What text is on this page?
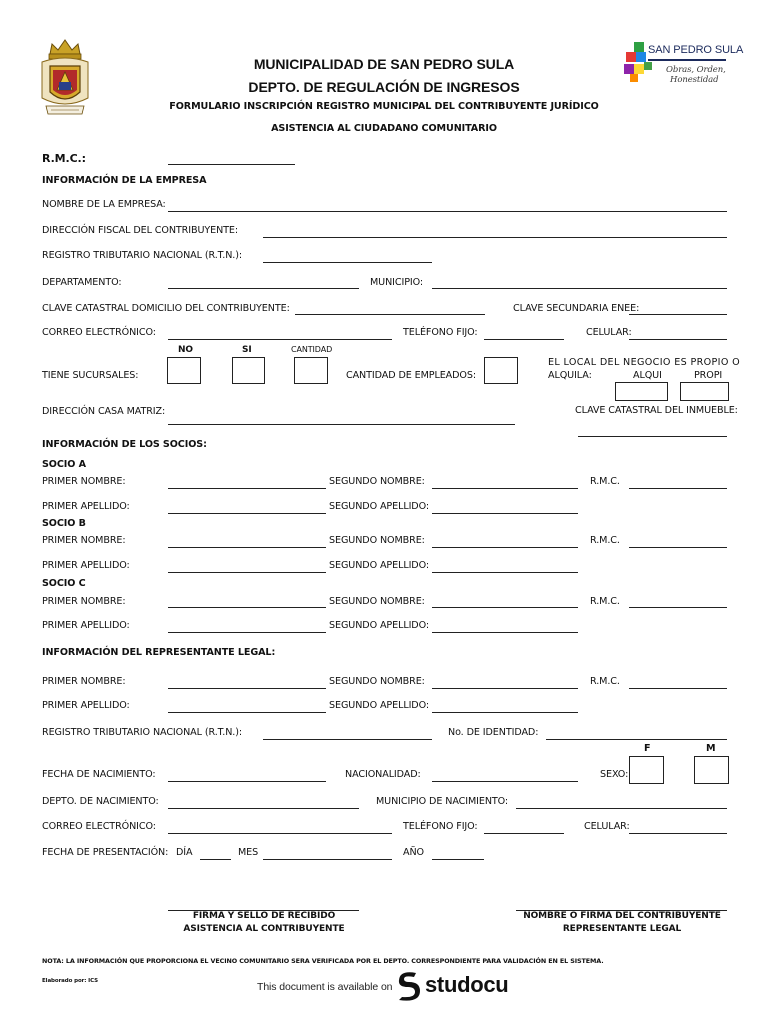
MUNICIPALIDAD DE SAN PEDRO SULA
DEPTO. DE REGULACIÓN DE INGRESOS
FORMULARIO INSCRIPCIÓN REGISTRO MUNICIPAL DEL CONTRIBUYENTE JURÍDICO
ASISTENCIA AL CIUDADANO COMUNITARIO
SAN PEDRO SULA
Obras, Orden,
Honestidad
R.M.C.:
INFORMACIÓN DE LA EMPRESA
NOMBRE DE LA EMPRESA:
DIRECCIÓN FISCAL DEL CONTRIBUYENTE:
REGISTRO TRIBUTARIO NACIONAL (R.T.N.):
DEPARTAMENTO:	MUNICIPIO:
CLAVE CATASTRAL DOMICILIO DEL CONTRIBUYENTE:	CLAVE SECUNDARIA ENEE:
CORREO ELECTRÓNICO:	TELÉFONO FIJO:	CELULAR:
NO	SI	CANTIDAD
TIENE SUCURSALES:	CANTIDAD DE EMPLEADOS:
EL LOCAL DEL NEGOCIO ES PROPIO O
ALQUILA:	ALQUI	PROPI
DIRECCIÓN CASA MATRIZ:	CLAVE CATASTRAL DEL INMUEBLE:
INFORMACIÓN DE LOS SOCIOS:
SOCIO A
PRIMER NOMBRE:	SEGUNDO NOMBRE:	R.M.C.
PRIMER APELLIDO:	SEGUNDO APELLIDO:
SOCIO B
PRIMER NOMBRE:	SEGUNDO NOMBRE:	R.M.C.
PRIMER APELLIDO:	SEGUNDO APELLIDO:
SOCIO C
PRIMER NOMBRE:	SEGUNDO NOMBRE:	R.M.C.
PRIMER APELLIDO:	SEGUNDO APELLIDO:
INFORMACIÓN DEL REPRESENTANTE LEGAL:
PRIMER NOMBRE:	SEGUNDO NOMBRE:	R.M.C.
PRIMER APELLIDO:	SEGUNDO APELLIDO:
REGISTRO TRIBUTARIO NACIONAL (R.T.N.):	No. DE IDENTIDAD:
F	M
FECHA DE NACIMIENTO:	NACIONALIDAD:	SEXO:
DEPTO. DE NACIMIENTO:	MUNICIPIO DE NACIMIENTO:
CORREO ELECTRÓNICO:	TELÉFONO FIJO:	CELULAR:
FECHA DE PRESENTACIÓN: DÍA	MES	AÑO
FIRMA Y SELLO DE RECIBIDO
ASISTENCIA AL CONTRIBUYENTE
NOMBRE O FIRMA DEL CONTRIBUYENTE
REPRESENTANTE LEGAL
NOTA: LA INFORMACIÓN QUE PROPORCIONA EL VECINO COMUNITARIO SERA VERIFICADA POR EL DEPTO. CORRESPONDIENTE PARA VALIDACIÓN EN EL SISTEMA.
Elaborado por: ICS	This document is available on studocu
